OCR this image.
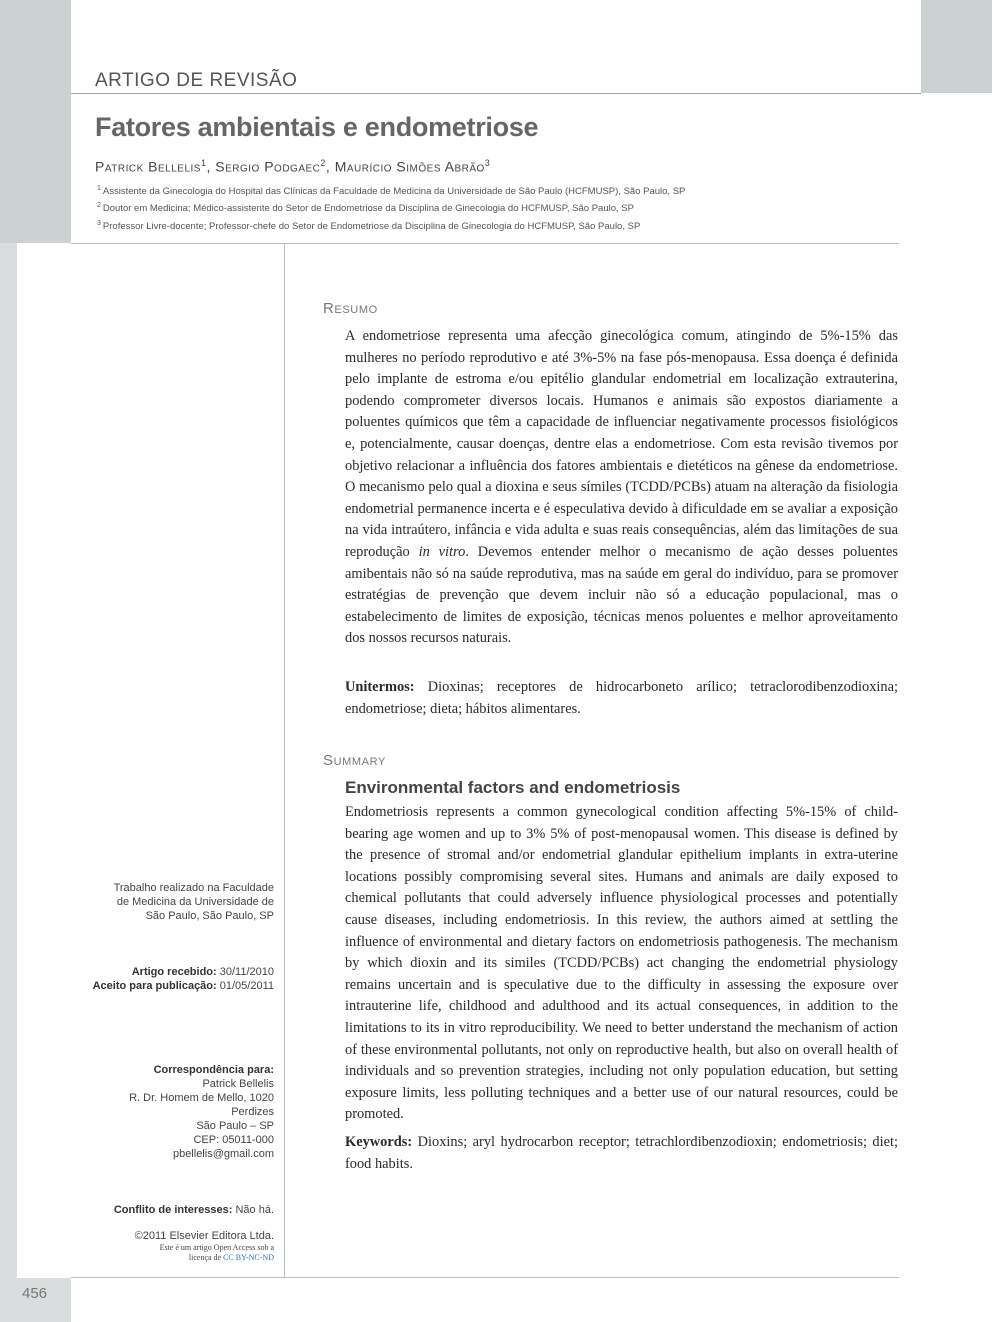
ARTIGO DE REVISÃO
Fatores ambientais e endometriose
Patrick Bellelis$^1$, Sergio Podgaec$^2$, Maurício Simões Abrão$^3$
$^1$ Assistente da Ginecologia do Hospital das Clínicas da Faculdade de Medicina da Universidade de São Paulo (HCFMUSP), São Paulo, SP
$^2$ Doutor em Medicina; Médico-assistente do Setor de Endometriose da Disciplina de Ginecologia do HCFMUSP, São Paulo, SP
$^3$ Professor Livre-docente; Professor-chefe do Setor de Endometriose da Disciplina de Ginecologia do HCFMUSP, São Paulo, SP
Trabalho realizado na Faculdade
de Medicina da Universidade de
São Paulo, São Paulo, SP
Artigo recebido: 30/11/2010
Aceito para publicação: 01/05/2011
Correspondência para:
Patrick Bellelis
R. Dr. Homem de Mello, 1020
Perdizes
São Paulo – SP
CEP: 05011-000
pbellelis@gmail.com
Conflito de interesses: Não há.
©2011 Elsevier Editora Ltda.
Este é um artigo Open Access sob a
licença de CC BY-NC-ND
Resumo
A endometriose representa uma afecção ginecológica comum, atingindo de 5%-15% das mulheres no período reprodutivo e até 3%-5% na fase pós-menopausa. Essa doença é definida pelo implante de estroma e/ou epitélio glandular endometrial em localização extrauterina, podendo comprometer diversos locais. Humanos e animais são expostos diariamente a poluentes químicos que têm a capacidade de influenciar negativamente processos fisiológicos e, potencialmente, causar doenças, dentre elas a endometriose. Com esta revisão tivemos por objetivo relacionar a influência dos fatores ambientais e dietéticos na gênese da endometriose. O mecanismo pelo qual a dioxina e seus símiles (TCDD/PCBs) atuam na alteração da fisiologia endometrial permanence incerta e é especulativa devido à dificuldade em se avaliar a exposição na vida intraútero, infância e vida adulta e suas reais consequências, além das limitações de sua reprodução in vitro. Devemos entender melhor o mecanismo de ação desses poluentes amibentais não só na saúde reprodutiva, mas na saúde em geral do indivíduo, para se promover estratégias de prevenção que devem incluir não só a educação populacional, mas o estabelecimento de limites de exposição, técnicas menos poluentes e melhor aproveitamento dos nossos recursos naturais.
Unitermos: Dioxinas; receptores de hidrocarboneto arílico; tetraclorodibenzodioxina; endometriose; dieta; hábitos alimentares.
Summary
Environmental factors and endometriosis
Endometriosis represents a common gynecological condition affecting 5%-15% of child-bearing age women and up to 3% 5% of post-menopausal women. This disease is defined by the presence of stromal and/or endometrial glandular epithelium implants in extra-uterine locations possibly compromising several sites. Humans and animals are daily exposed to chemical pollutants that could adversely influence physiological processes and potentially cause diseases, including endometriosis. In this review, the authors aimed at settling the influence of environmental and dietary factors on endometriosis pathogenesis. The mechanism by which dioxin and its similes (TCDD/PCBs) act changing the endometrial physiology remains uncertain and is speculative due to the difficulty in assessing the exposure over intrauterine life, childhood and adulthood and its actual consequences, in addition to the limitations to its in vitro reproducibility. We need to better understand the mechanism of action of these environmental pollutants, not only on reproductive health, but also on overall health of individuals and so prevention strategies, including not only population education, but setting exposure limits, less polluting techniques and a better use of our natural resources, could be promoted.
Keywords: Dioxins; aryl hydrocarbon receptor; tetrachlordibenzodioxin; endometriosis; diet; food habits.
456
